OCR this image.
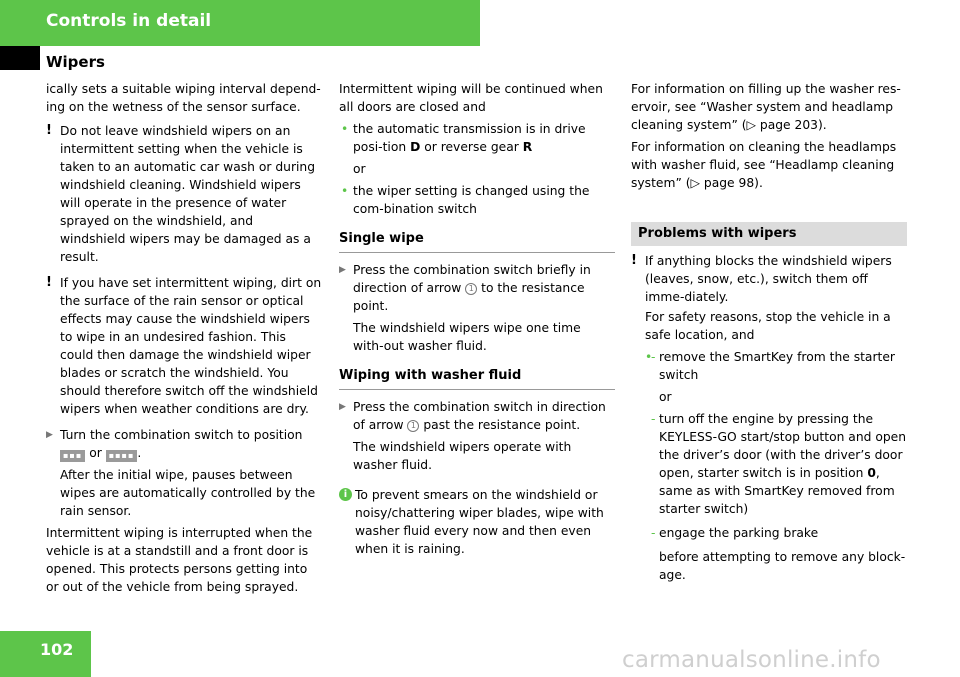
Controls in detail
Wipers

ically sets a suitable wiping interval depend-ing on the wetness of the sensor surface.

! Do not leave windshield wipers on an intermittent setting when the vehicle is taken to an automatic car wash or during windshield cleaning. Windshield wipers will operate in the presence of water sprayed on the windshield, and windshield wipers may be damaged as a result.
! If you have set intermittent wiping, dirt on the surface of the rain sensor or optical effects may cause the windshield wipers to wipe in an undesired fashion. This could then damage the windshield wiper blades or scratch the windshield. You should therefore switch off the windshield wipers when weather conditions are dry.
▶ Turn the combination switch to position
▪▪▪ or ▪▪▪▪ .

After the initial wipe, pauses between wipes are automatically controlled by the rain sensor.

Intermittent wiping is interrupted when the vehicle is at a standstill and a front door is opened. This protects persons getting into or out of the vehicle from being sprayed.

Intermittent wiping will be continued when all doors are closed and

• the automatic transmission is in drive posi-tion D or reverse gear R

or

• the wiper setting is changed using the com-bination switch
Single wipe
▶ Press the combination switch briefly in direction of arrow 1 to the resistance point.

The windshield wipers wipe one time with-out washer fluid.

Wiping with washer fluid
▶ Press the combination switch in direction of arrow 1 past the resistance point.

The windshield wipers operate with washer fluid.

i To prevent smears on the windshield or noisy/chattering wiper blades, wipe with washer fluid every now and then even when it is raining.

For information on filling up the washer res-ervoir, see “Washer system and headlamp cleaning system” (▷ page 203).

For information on cleaning the headlamps with washer fluid, see “Headlamp cleaning system” (▷ page 98).

Problems with wipers
! If anything blocks the windshield wipers (leaves, snow, etc.), switch them off imme-diately.

For safety reasons, stop the vehicle in a safe location, and

•
- remove the SmartKey from the starter switch

or

- turn off the engine by pressing the KEYLESS-GO start/stop button and open the driver’s door (with the driver’s door open, starter switch is in position 0, same as with SmartKey removed from starter switch)
- engage the parking brake

before attempting to remove any block-age.

102	carmanualsonline.info
